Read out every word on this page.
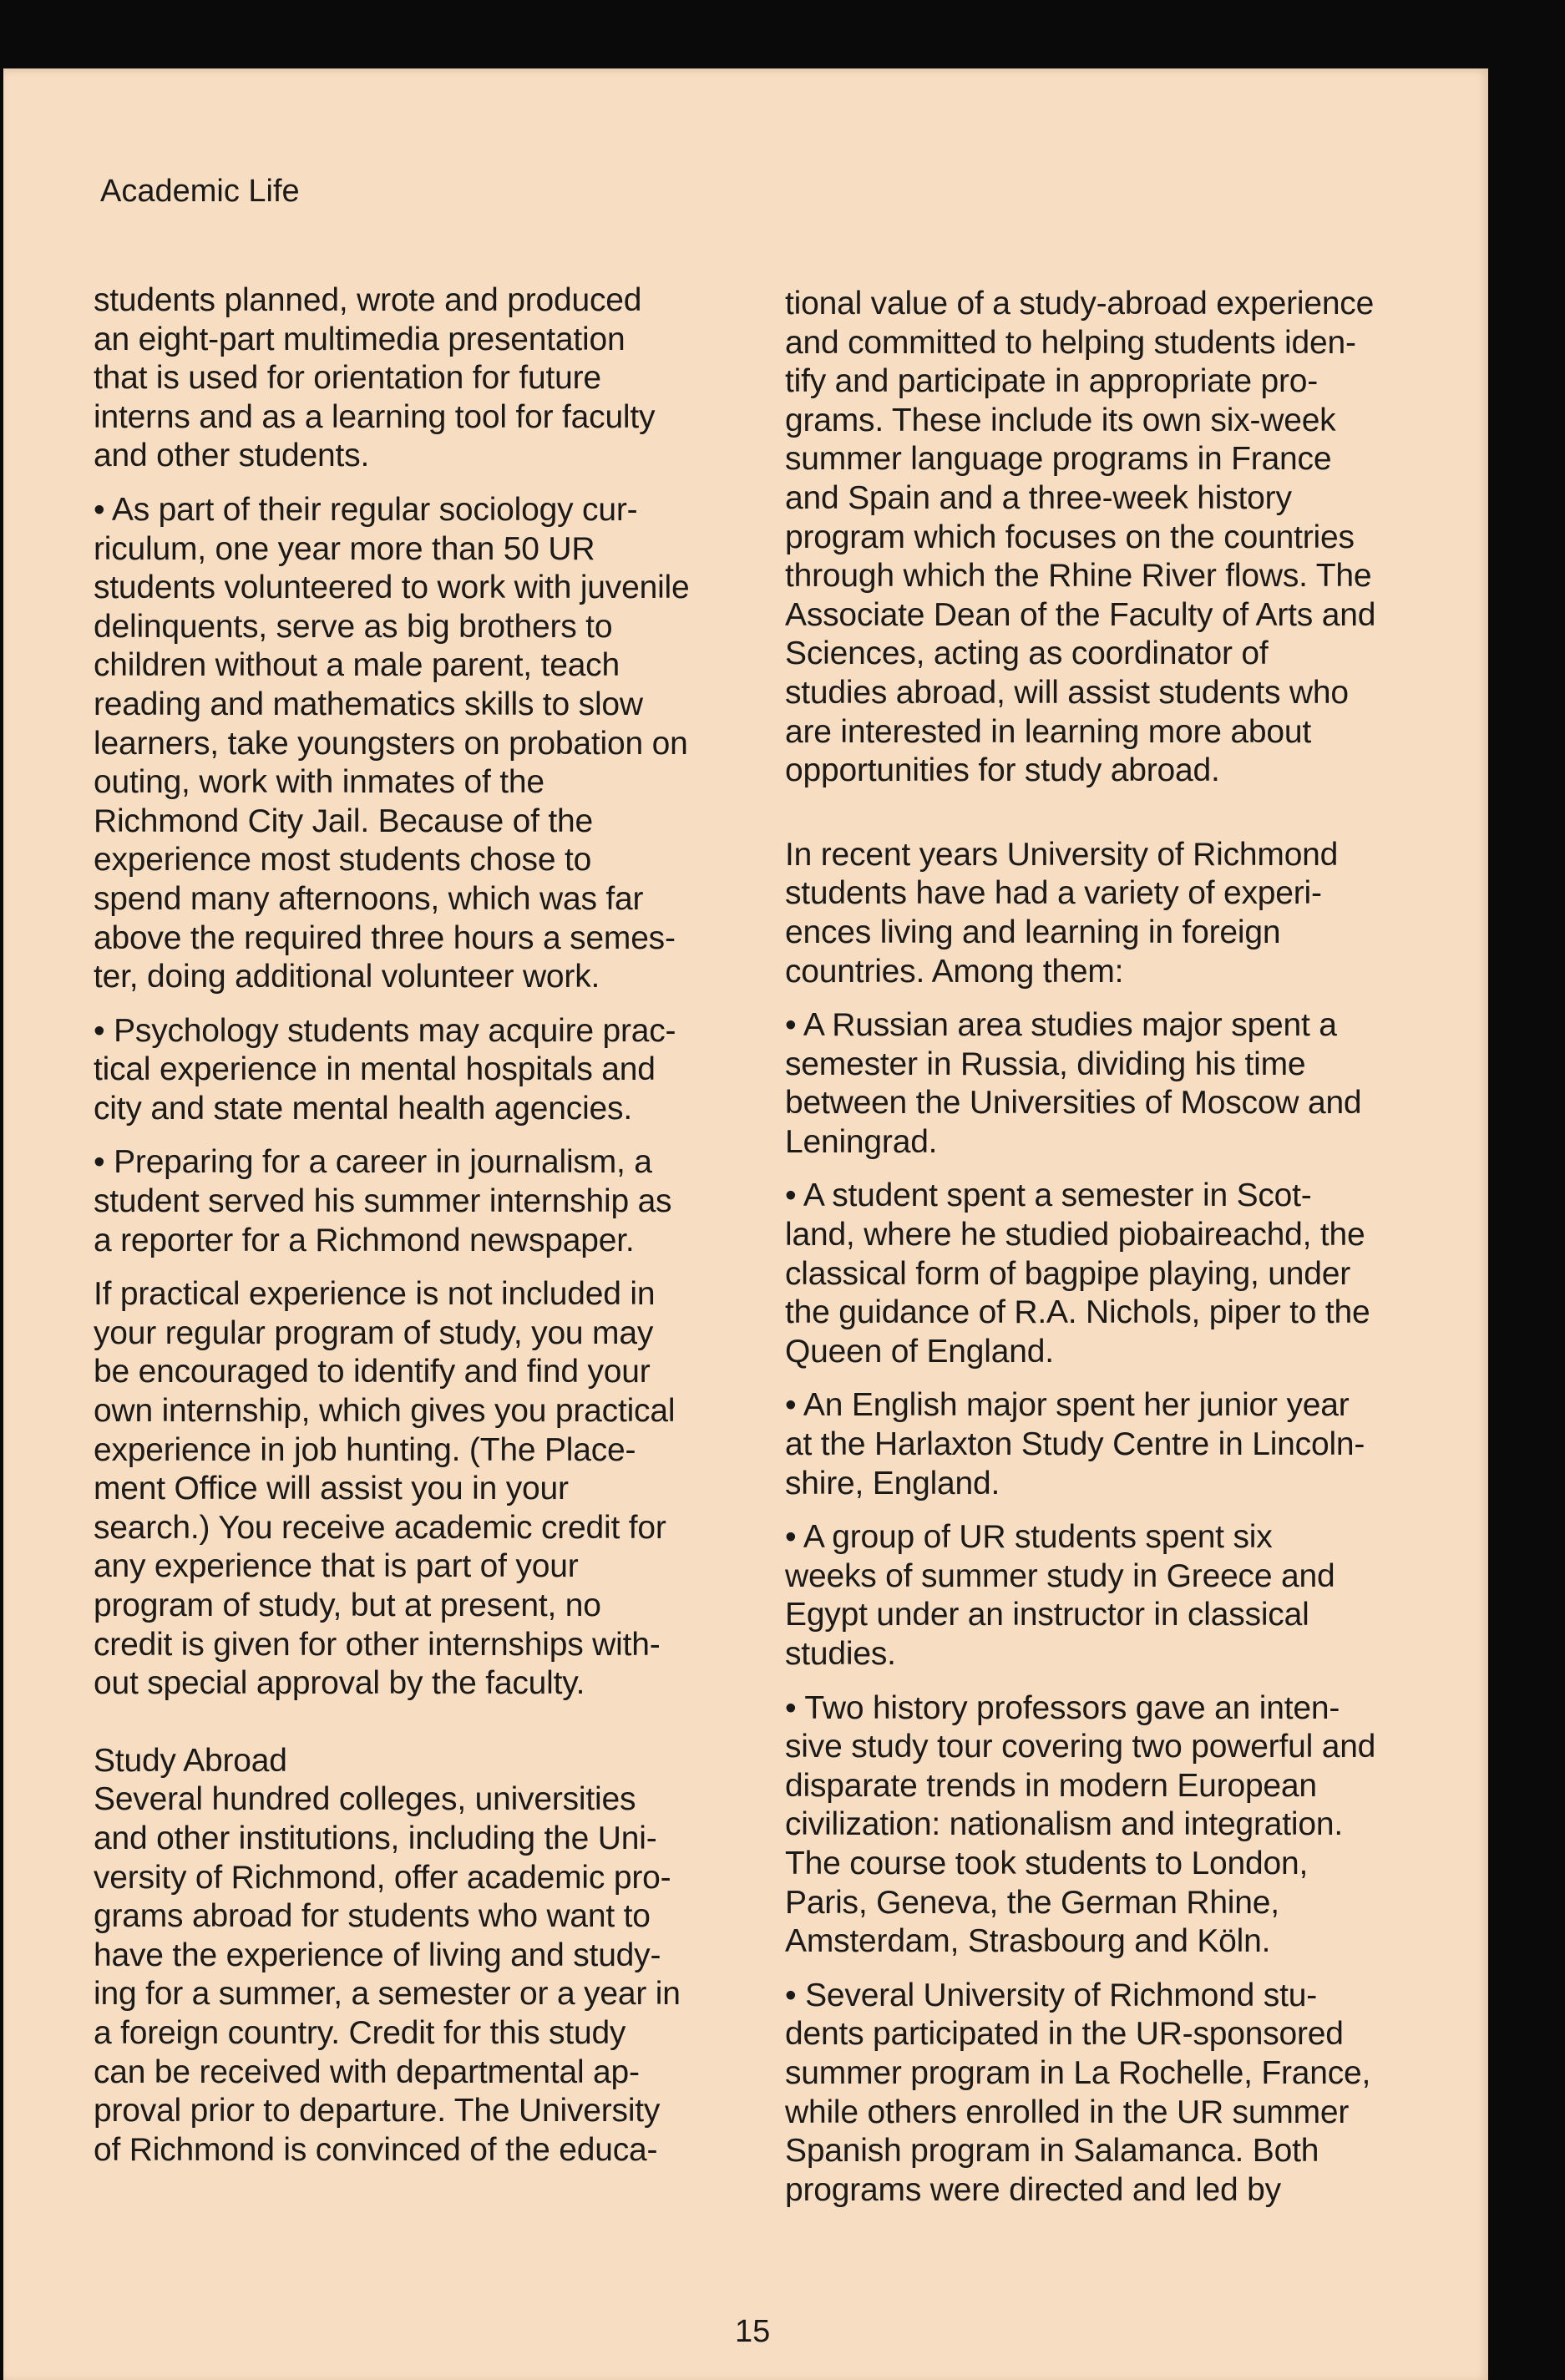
Academic Life

students planned, wrote and produced
an eight-part multimedia presentation
that is used for orientation for future
interns and as a learning tool for faculty
and other students.

• As part of their regular sociology cur-
riculum, one year more than 50 UR
students volunteered to work with juvenile
delinquents, serve as big brothers to
children without a male parent, teach
reading and mathematics skills to slow
learners, take youngsters on probation on
outing, work with inmates of the
Richmond City Jail. Because of the
experience most students chose to
spend many afternoons, which was far
above the required three hours a semes-
ter, doing additional volunteer work.

• Psychology students may acquire prac-
tical experience in mental hospitals and
city and state mental health agencies.

• Preparing for a career in journalism, a
student served his summer internship as
a reporter for a Richmond newspaper.

If practical experience is not included in
your regular program of study, you may
be encouraged to identify and find your
own internship, which gives you practical
experience in job hunting. (The Place-
ment Office will assist you in your
search.) You receive academic credit for
any experience that is part of your
program of study, but at present, no
credit is given for other internships with-
out special approval by the faculty.

Study Abroad

Several hundred colleges, universities
and other institutions, including the Uni-
versity of Richmond, offer academic pro-
grams abroad for students who want to
have the experience of living and study-
ing for a summer, a semester or a year in
a foreign country. Credit for this study
can be received with departmental ap-
proval prior to departure. The University
of Richmond is convinced of the educa-

tional value of a study-abroad experience
and committed to helping students iden-
tify and participate in appropriate pro-
grams. These include its own six-week
summer language programs in France
and Spain and a three-week history
program which focuses on the countries
through which the Rhine River flows. The
Associate Dean of the Faculty of Arts and
Sciences, acting as coordinator of
studies abroad, will assist students who
are interested in learning more about
opportunities for study abroad.

In recent years University of Richmond
students have had a variety of experi-
ences living and learning in foreign
countries. Among them:

• A Russian area studies major spent a
semester in Russia, dividing his time
between the Universities of Moscow and
Leningrad.

• A student spent a semester in Scot-
land, where he studied piobaireachd, the
classical form of bagpipe playing, under
the guidance of R.A. Nichols, piper to the
Queen of England.

• An English major spent her junior year
at the Harlaxton Study Centre in Lincoln-
shire, England.

• A group of UR students spent six
weeks of summer study in Greece and
Egypt under an instructor in classical
studies.

• Two history professors gave an inten-
sive study tour covering two powerful and
disparate trends in modern European
civilization: nationalism and integration.
The course took students to London,
Paris, Geneva, the German Rhine,
Amsterdam, Strasbourg and Köln.

• Several University of Richmond stu-
dents participated in the UR-sponsored
summer program in La Rochelle, France,
while others enrolled in the UR summer
Spanish program in Salamanca. Both
programs were directed and led by

15
